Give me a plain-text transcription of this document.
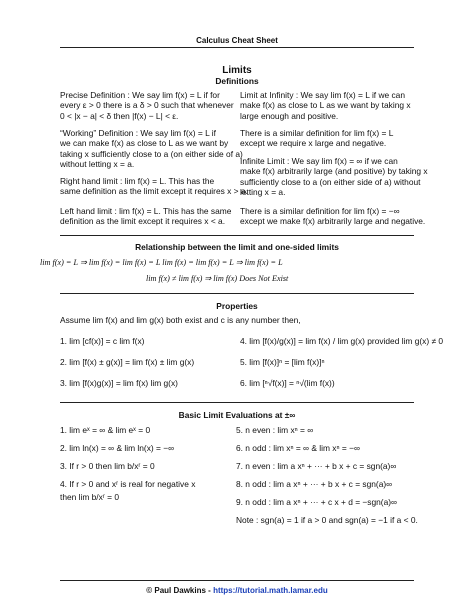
Calculus Cheat Sheet
Limits
Definitions
Precise Definition : We say lim f(x) = L if for
every ε > 0 there is a δ > 0 such that whenever
0 < |x − a| < δ then |f(x) − L| < ε.
“Working” Definition : We say lim f(x) = L if
we can make f(x) as close to L as we want by
taking x sufficiently close to a (on either side of a)
without letting x = a.
Right hand limit : lim f(x) = L. This has the
same definition as the limit except it requires x > a.
Left hand limit : lim f(x) = L. This has the same
definition as the limit except it requires x < a.
Limit at Infinity : We say lim f(x) = L if we can
make f(x) as close to L as we want by taking x
large enough and positive.
There is a similar definition for lim f(x) = L
except we require x large and negative.
Infinite Limit : We say lim f(x) = ∞ if we can
make f(x) arbitrarily large (and positive) by taking x
sufficiently close to a (on either side of a) without
letting x = a.
There is a similar definition for lim f(x) = −∞
except we make f(x) arbitrarily large and negative.
Relationship between the limit and one-sided limits
lim f(x) = L ⇒ lim f(x) = lim f(x) = L lim f(x) = lim f(x) = L ⇒ lim f(x) = L
lim f(x) ≠ lim f(x) ⇒ lim f(x) Does Not Exist
Properties
Assume lim f(x) and lim g(x) both exist and c is any number then,
1. lim [cf(x)] = c lim f(x)
2. lim [f(x) ± g(x)] = lim f(x) ± lim g(x)
3. lim [f(x)g(x)] = lim f(x) lim g(x)
4. lim [f(x)/g(x)] = lim f(x) / lim g(x) provided lim g(x) ≠ 0
5. lim [f(x)]ⁿ = [lim f(x)]ⁿ
6. lim [ⁿ√f(x)] = ⁿ√(lim f(x))
Basic Limit Evaluations at ±∞
1. lim eˣ = ∞ & lim eˣ = 0
2. lim ln(x) = ∞ & lim ln(x) = −∞
3. If r > 0 then lim b/xʳ = 0
4. If r > 0 and xʳ is real for negative x
then lim b/xʳ = 0
5. n even : lim xⁿ = ∞
6. n odd : lim xⁿ = ∞ & lim xⁿ = −∞
7. n even : lim a xⁿ + ··· + b x + c = sgn(a)∞
8. n odd : lim a xⁿ + ··· + b x + c = sgn(a)∞
9. n odd : lim a xⁿ + ··· + c x + d = −sgn(a)∞
Note : sgn(a) = 1 if a > 0 and sgn(a) = −1 if a < 0.
© Paul Dawkins - https://tutorial.math.lamar.edu
